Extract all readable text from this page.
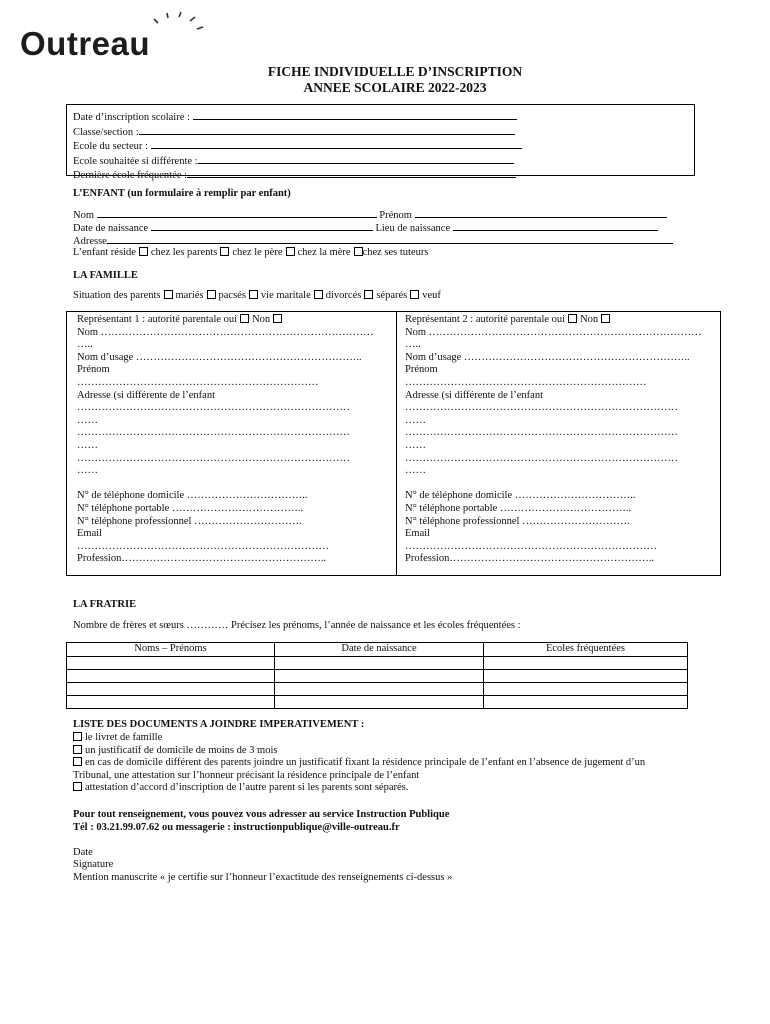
Outreau
FICHE INDIVIDUELLE D’INSCRIPTION
ANNEE SCOLAIRE 2022-2023
Date d’inscription scolaire :
Classe/section :
Ecole du secteur :
Ecole souhaitée si différente :
Dernière école fréquentée :
L’ENFANT (un formulaire à remplir par enfant)
Nom	Prénom
Date de naissance	Lieu de naissance
Adresse
L’enfant réside chez les parents chez le père chez la mère chez ses tuteurs
LA FAMILLE
Situation des parents mariés pacsés vie maritale divorcés séparés veuf
Représentant 1 : autorité parentale oui Non
Nom ……………………………………………………………………
…..
Nom d’usage ………………………………………………………..
Prénom
……………………………………………………………
Adresse (si différente de l’enfant
……………………………………………………………………
……
……………………………………………………………………
……
……………………………………………………………………
……
N° de téléphone domicile ……………………………..
N° téléphone portable ………………………………..
N° téléphone professionnel ………………………….
Email
………………………………………………………………
Profession…………………………………………………..
Représentant 2 : autorité parentale oui Non
Nom ……………………………………………………………………
…..
Nom d’usage ………………………………………………………..
Prénom
……………………………………………………………
Adresse (si différente de l’enfant
……………………………………………………………………
……
……………………………………………………………………
……
……………………………………………………………………
……
N° de téléphone domicile ……………………………..
N° téléphone portable ………………………………..
N° téléphone professionnel ………………………….
Email
………………………………………………………………
Profession…………………………………………………..
LA FRATRIE
Nombre de frères et sœurs ………… Précisez les prénoms, l’année de naissance et les écoles fréquentées :
Noms – Prénoms	Date de naissance	Ecoles fréquentées

LISTE DES DOCUMENTS A JOINDRE IMPERATIVEMENT :
le livret de famille
un justificatif de domicile de moins de 3 mois
en cas de domicile différent des parents joindre un justificatif fixant la résidence principale de l’enfant en l’absence de jugement d’un
Tribunal, une attestation sur l’honneur précisant la résidence principale de l’enfant
attestation d’accord d’inscription de l’autre parent si les parents sont séparés.
Pour tout renseignement, vous pouvez vous adresser au service Instruction Publique
Tél : 03.21.99.07.62 ou messagerie : instructionpublique@ville-outreau.fr
Date
Signature
Mention manuscrite « je certifie sur l’honneur l’exactitude des renseignements ci-dessus »
